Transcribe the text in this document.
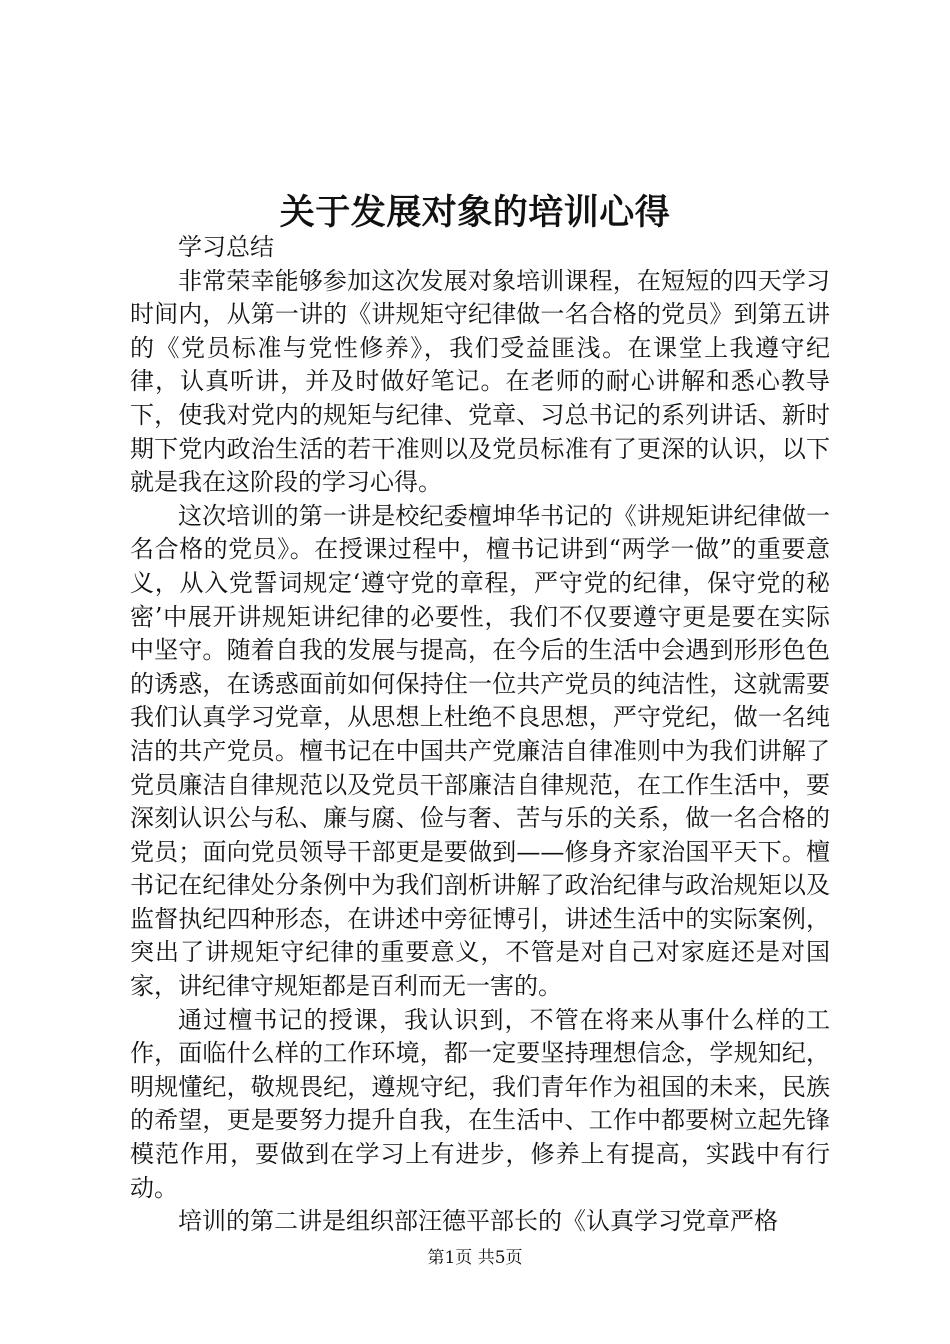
关于发展对象的培训心得

学习总结

非常荣幸能够参加这次发展对象培训课程，在短短的四天学习时间内，从第一讲的《讲规矩守纪律做一名合格的党员》到第五讲的《党员标准与党性修养》，我们受益匪浅。在课堂上我遵守纪律，认真听讲，并及时做好笔记。在老师的耐心讲解和悉心教导下，使我对党内的规矩与纪律、党章、习总书记的系列讲话、新时期下党内政治生活的若干准则以及党员标准有了更深的认识，以下就是我在这阶段的学习心得。

这次培训的第一讲是校纪委檀坤华书记的《讲规矩讲纪律做一名合格的党员》。在授课过程中，檀书记讲到“两学一做”的重要意义，从入党誓词规定‘遵守党的章程，严守党的纪律，保守党的秘密’中展开讲规矩讲纪律的必要性，我们不仅要遵守更是要在实际中坚守。随着自我的发展与提高，在今后的生活中会遇到形形色色的诱惑，在诱惑面前如何保持住一位共产党员的纯洁性，这就需要我们认真学习党章，从思想上杜绝不良思想，严守党纪，做一名纯洁的共产党员。檀书记在中国共产党廉洁自律准则中为我们讲解了党员廉洁自律规范以及党员干部廉洁自律规范，在工作生活中，要深刻认识公与私、廉与腐、俭与奢、苦与乐的关系，做一名合格的党员；面向党员领导干部更是要做到——修身齐家治国平天下。檀书记在纪律处分条例中为我们剖析讲解了政治纪律与政治规矩以及监督执纪四种形态，在讲述中旁征博引，讲述生活中的实际案例，突出了讲规矩守纪律的重要意义，不管是对自己对家庭还是对国家，讲纪律守规矩都是百利而无一害的。

通过檀书记的授课，我认识到，不管在将来从事什么样的工作，面临什么样的工作环境，都一定要坚持理想信念，学规知纪，明规懂纪，敬规畏纪，遵规守纪，我们青年作为祖国的未来，民族的希望，更是要努力提升自我，在生活中、工作中都要树立起先锋模范作用，要做到在学习上有进步，修养上有提高，实践中有行动。

培训的第二讲是组织部汪德平部长的《认真学习党章严格

第1页 共5页
